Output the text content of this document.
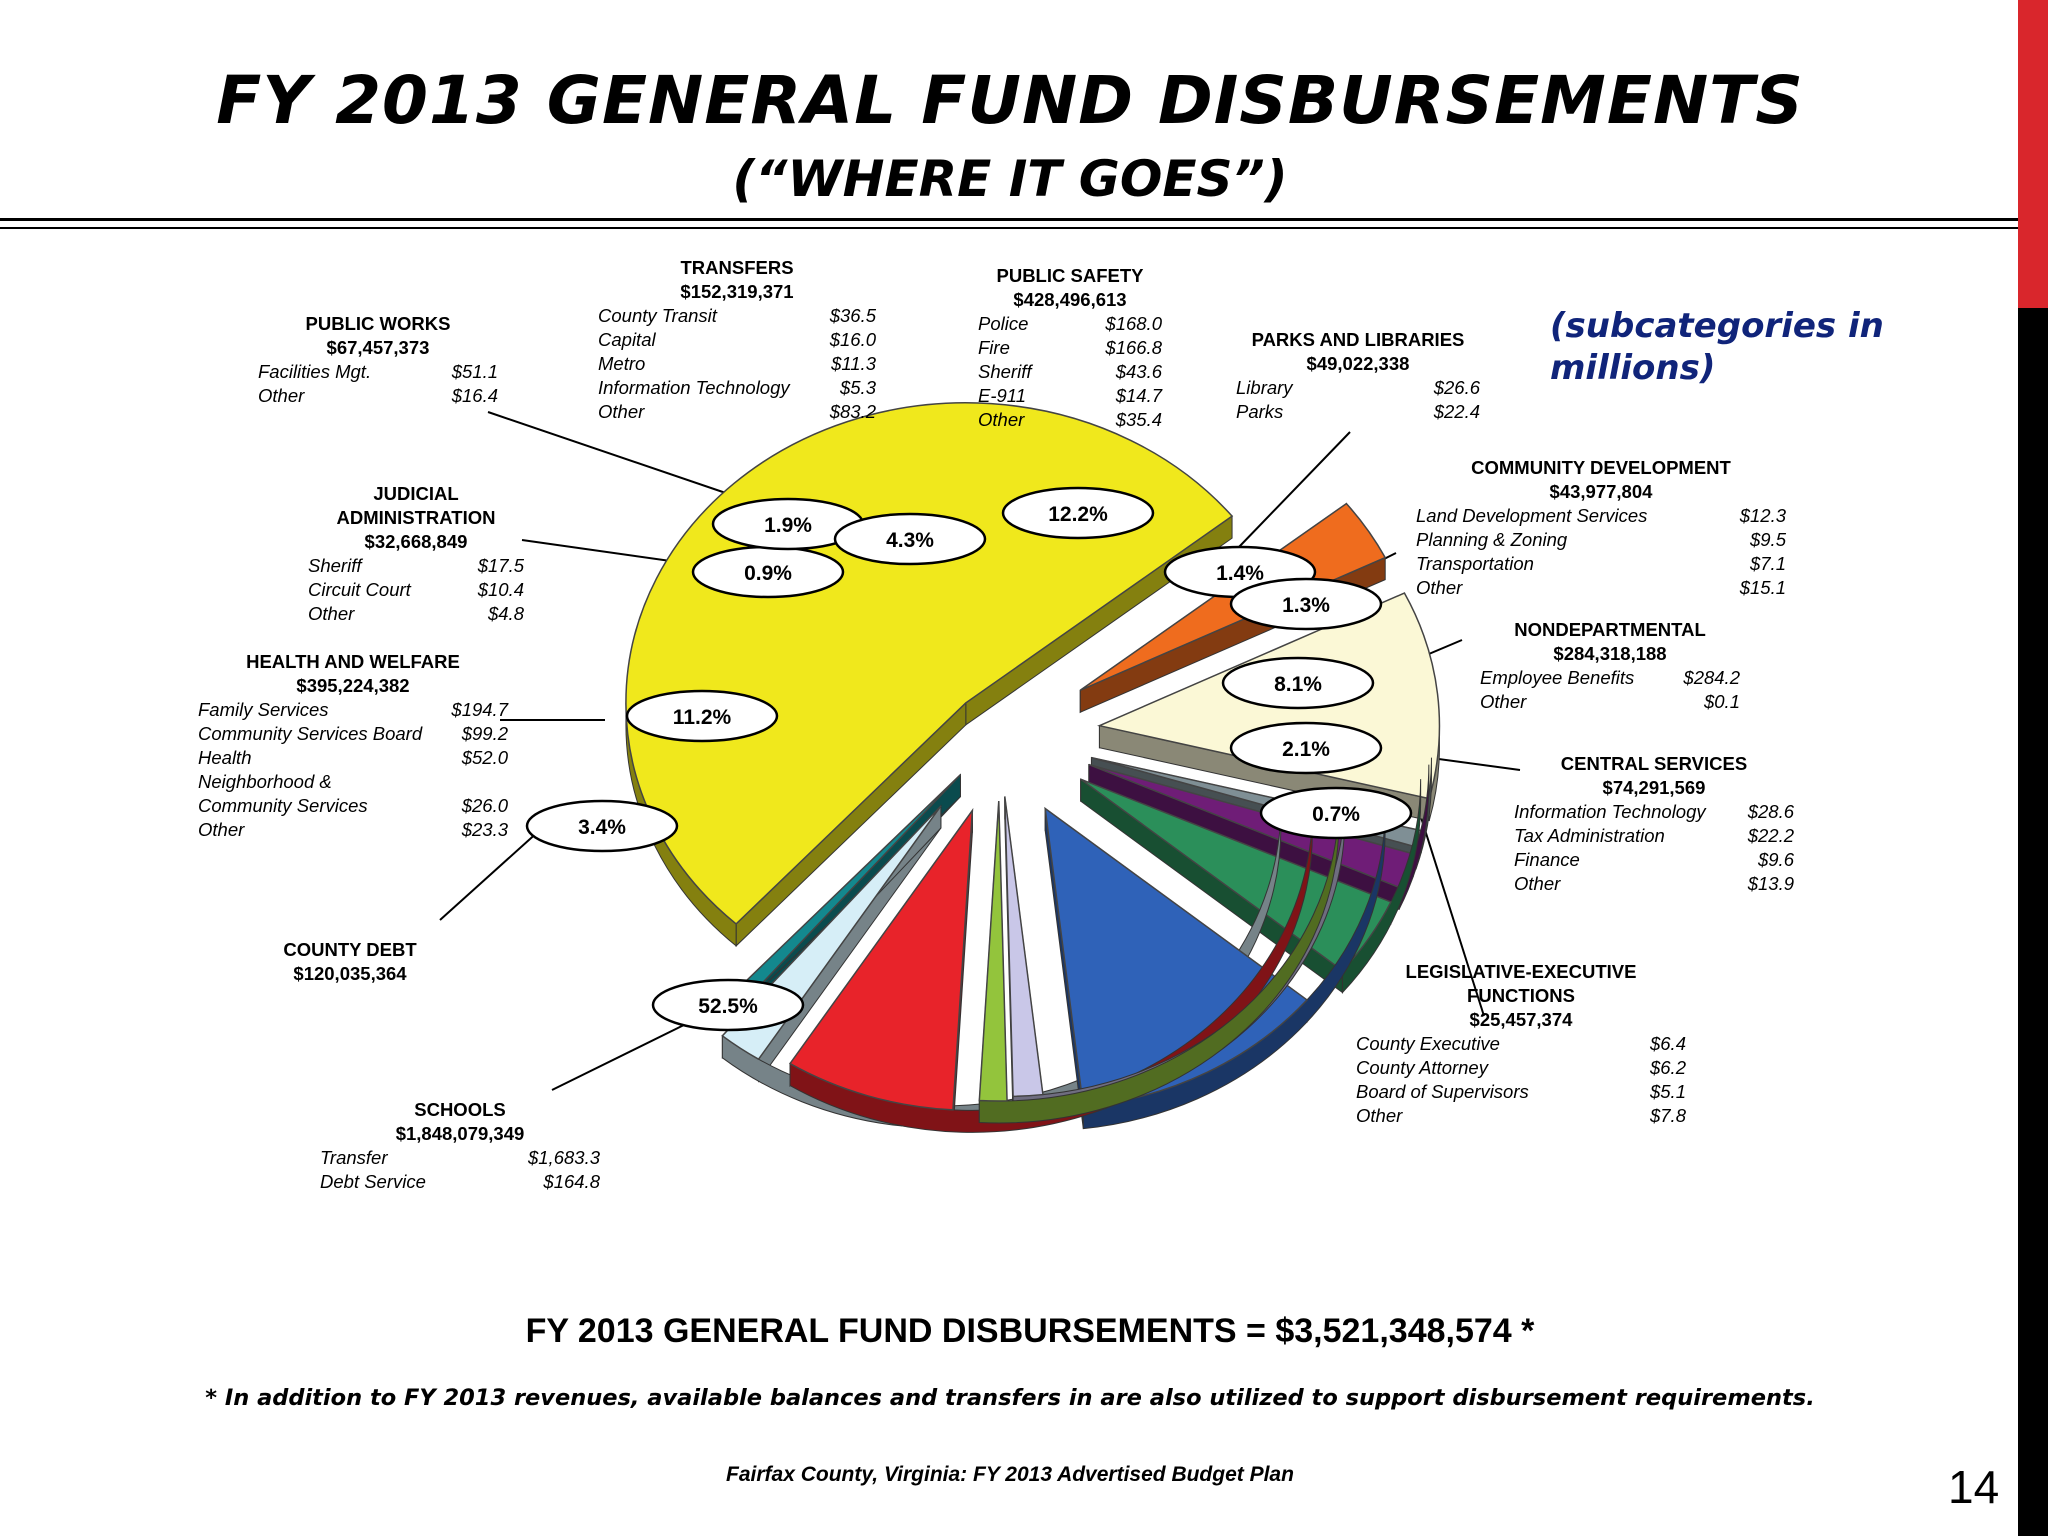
FY 2013 GENERAL FUND DISBURSEMENTS
(“WHERE IT GOES”)
0.7%
52.5%
3.4%
11.2%
0.9%
1.9%
4.3%
12.2%
1.4%
1.3%
8.1%
2.1%
LEGISLATIVE-EXECUTIVE
FUNCTIONS
$25,457,374
County Executive	$6.4
County Attorney	$6.2
Board of Supervisors	$5.1
Other	$7.8
SCHOOLS
$1,848,079,349
Transfer	$1,683.3
Debt Service	$164.8
COUNTY DEBT
$120,035,364
HEALTH AND WELFARE
$395,224,382
Family Services	$194.7
Community Services Board $99.2
Health	$52.0
Neighborhood &
Community Services	$26.0
Other	$23.3
JUDICIAL
ADMINISTRATION
$32,668,849
Sheriff	$17.5
Circuit Court	$10.4
Other	$4.8
PUBLIC WORKS
$67,457,373
Facilities Mgt.	$51.1
Other	$16.4
TRANSFERS
$152,319,371
County Transit	$36.5
Capital	$16.0
Metro	$11.3
Information Technology	$5.3
Other	$83.2
PUBLIC SAFETY
$428,496,613
Police	$168.0
Fire	$166.8
Sheriff	$43.6
E-911	$14.7
Other	$35.4
PARKS AND LIBRARIES
$49,022,338
Library	$26.6
Parks	$22.4
COMMUNITY DEVELOPMENT
$43,977,804
Land Development Services	$12.3
Planning & Zoning	$9.5
Transportation	$7.1
Other	$15.1
NONDEPARTMENTAL
$284,318,188
Employee Benefits	$284.2
Other	$0.1
CENTRAL SERVICES
$74,291,569
Information Technology $28.6
Tax Administration	$22.2
Finance	$9.6
Other	$13.9
(subcategories in millions)
FY 2013 GENERAL FUND DISBURSEMENTS = $3,521,348,574 *
* In addition to FY 2013 revenues, available balances and transfers in are also utilized to support disbursement requirements.
Fairfax County, Virginia: FY 2013 Advertised Budget Plan	14
